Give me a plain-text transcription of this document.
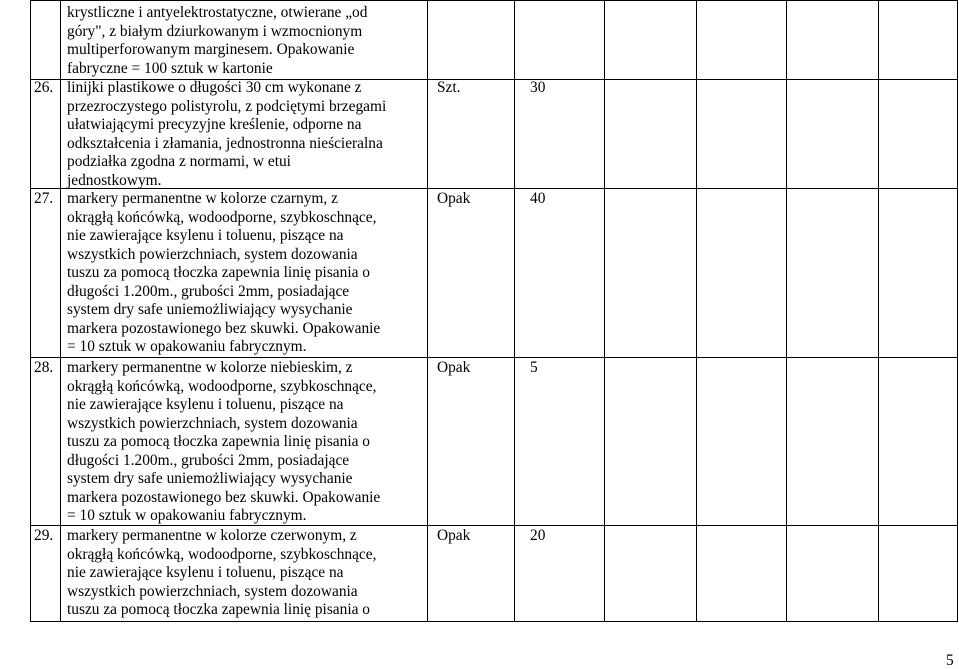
krystliczne i antyelektrostatyczne, otwierane „od
góry", z białym dziurkowanym i wzmocnionym
multiperforowanym marginesem. Opakowanie
fabryczne = 100 sztuk w kartonie
26. linijki plastikowe o długości 30 cm wykonane z
przezroczystego polistyrolu, z podciętymi brzegami
ułatwiającymi precyzyjne kreślenie, odporne na
odkształcenia i złamania, jednostronna nieścieralna
podziałka zgodna z normami, w etui
jednostkowym.
Szt.	30
27. markery permanentne w kolorze czarnym, z
okrągłą końcówką, wodoodporne, szybkoschnące,
nie zawierające ksylenu i toluenu, piszące na
wszystkich powierzchniach, system dozowania
tuszu za pomocą tłoczka zapewnia linię pisania o
długości 1.200m., grubości 2mm, posiadające
system dry safe uniemożliwiający wysychanie
markera pozostawionego bez skuwki. Opakowanie
= 10 sztuk w opakowaniu fabrycznym.
Opak	40
28. markery permanentne w kolorze niebieskim, z
okrągłą końcówką, wodoodporne, szybkoschnące,
nie zawierające ksylenu i toluenu, piszące na
wszystkich powierzchniach, system dozowania
tuszu za pomocą tłoczka zapewnia linię pisania o
długości 1.200m., grubości 2mm, posiadające
system dry safe uniemożliwiający wysychanie
markera pozostawionego bez skuwki. Opakowanie
= 10 sztuk w opakowaniu fabrycznym.
Opak	5
29. markery permanentne w kolorze czerwonym, z
okrągłą końcówką, wodoodporne, szybkoschnące,
nie zawierające ksylenu i toluenu, piszące na
wszystkich powierzchniach, system dozowania
tuszu za pomocą tłoczka zapewnia linię pisania o
Opak	20
5
